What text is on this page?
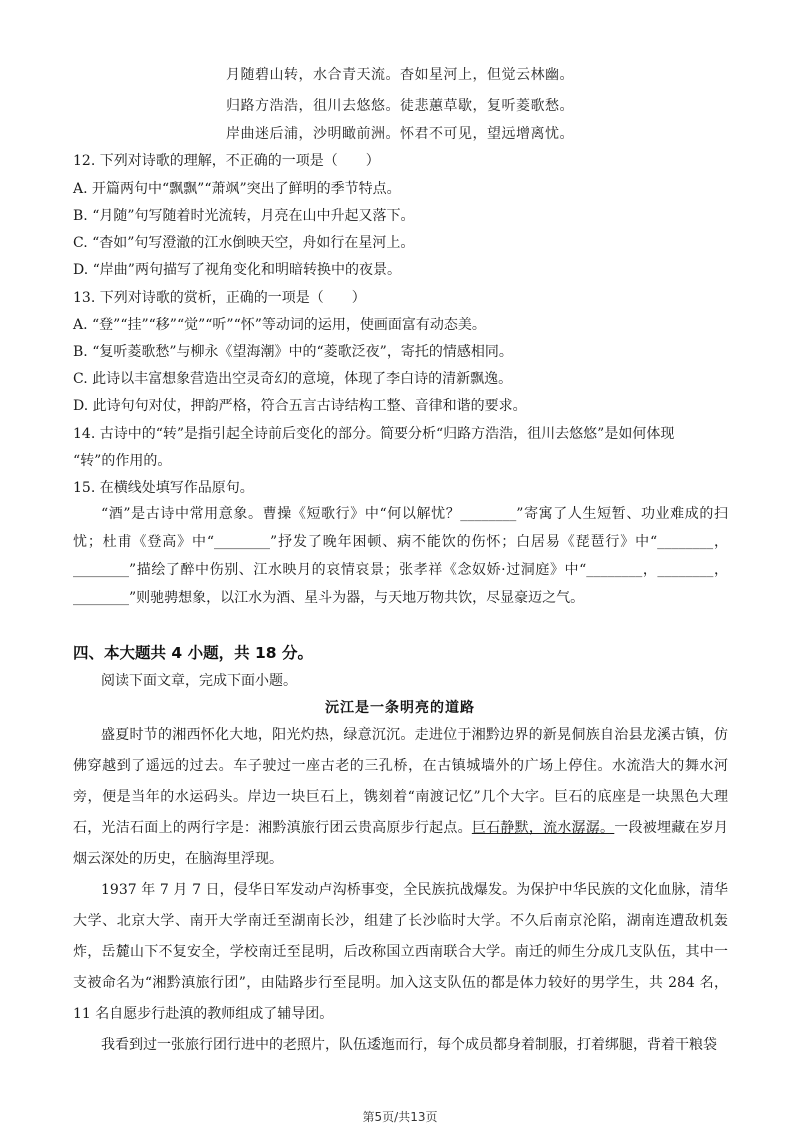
月随碧山转，水合青天流。杳如星河上，但觉云林幽。
归路方浩浩，徂川去悠悠。徒悲蕙草歇，复听菱歌愁。
岸曲迷后浦，沙明瞰前洲。怀君不可见，望远增离忧。
12. 下列对诗歌的理解，不正确的一项是（　　）
A. 开篇两句中“飘飘”“萧飒”突出了鲜明的季节特点。
B. “月随”句写随着时光流转，月亮在山中升起又落下。
C. “杳如”句写澄澈的江水倒映天空，舟如行在星河上。
D. “岸曲”两句描写了视角变化和明暗转换中的夜景。
13. 下列对诗歌的赏析，正确的一项是（　　）
A. “登”“挂”“移”“觉”“听”“怀”等动词的运用，使画面富有动态美。
B. “复听菱歌愁”与柳永《望海潮》中的“菱歌泛夜”，寄托的情感相同。
C. 此诗以丰富想象营造出空灵奇幻的意境，体现了李白诗的清新飘逸。
D. 此诗句句对仗，押韵严格，符合五言古诗结构工整、音律和谐的要求。
14. 古诗中的“转”是指引起全诗前后变化的部分。简要分析“归路方浩浩，徂川去悠悠”是如何体现
“转”的作用的。
15. 在横线处填写作品原句。

“酒”是古诗中常用意象。曹操《短歌行》中“何以解忧？________”寄寓了人生短暂、功业难成的扫忧；杜甫《登高》中“________”抒发了晚年困顿、病不能饮的伤怀；白居易《琵琶行》中“________，________”描绘了醉中伤别、江水映月的哀情哀景；张孝祥《念奴娇·过洞庭》中“________，________，________”则驰骋想象，以江水为酒、星斗为器，与天地万物共饮，尽显豪迈之气。

四、本大题共 4 小题，共 18 分。
阅读下面文章，完成下面小题。
沅江是一条明亮的道路

盛夏时节的湘西怀化大地，阳光灼热，绿意沉沉。走进位于湘黔边界的新晃侗族自治县龙溪古镇，仿佛穿越到了遥远的过去。车子驶过一座古老的三孔桥，在古镇城墙外的广场上停住。水流浩大的舞水河旁，便是当年的水运码头。岸边一块巨石上，镌刻着“南渡记忆”几个大字。巨石的底座是一块黑色大理石，光洁石面上的两行字是：湘黔滇旅行团云贵高原步行起点。巨石静默，流水潺潺。一段被埋藏在岁月烟云深处的历史，在脑海里浮现。

1937 年 7 月 7 日，侵华日军发动卢沟桥事变，全民族抗战爆发。为保护中华民族的文化血脉，清华大学、北京大学、南开大学南迁至湖南长沙，组建了长沙临时大学。不久后南京沦陷，湖南连遭敌机轰炸，岳麓山下不复安全，学校南迁至昆明，后改称国立西南联合大学。南迁的师生分成几支队伍，其中一支被命名为“湘黔滇旅行团”，由陆路步行至昆明。加入这支队伍的都是体力较好的男学生，共 284 名，11 名自愿步行赴滇的教师组成了辅导团。

我看到过一张旅行团行进中的老照片，队伍逶迤而行，每个成员都身着制服，打着绑腿，背着干粮袋

第5页/共13页
